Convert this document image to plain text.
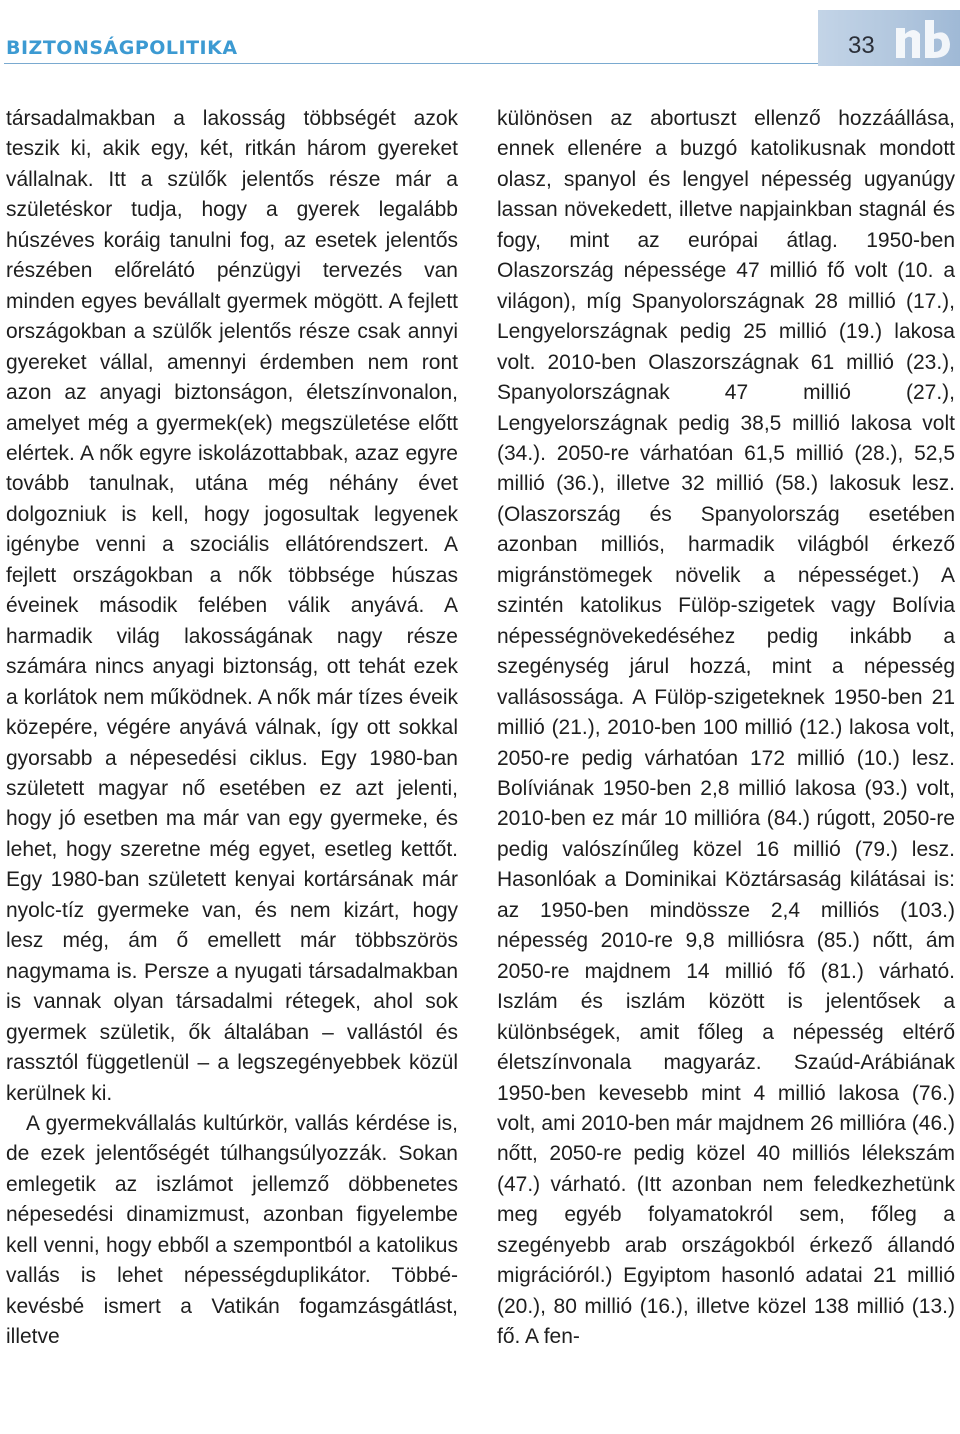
BIZTONSÁGPOLITIKA	33

társadalmakban a lakosság többségét azok teszik ki, akik egy, két, ritkán három gyereket vállalnak. Itt a szülők jelentős része már a születéskor tudja, hogy a gyerek legalább húszéves koráig tanulni fog, az esetek jelentős részében előrelátó pénzügyi tervezés van minden egyes bevállalt gyermek mögött. A fejlett országokban a szülők jelentős része csak annyi gyereket vállal, amennyi érdemben nem ront azon az anyagi biztonságon, életszínvonalon, amelyet még a gyermek(ek) megszületése előtt elértek. A nők egyre iskolázottabbak, azaz egyre tovább tanulnak, utána még néhány évet dolgozniuk is kell, hogy jogosultak legyenek igénybe venni a szociális ellátórendszert. A fejlett országokban a nők többsége húszas éveinek második felében válik anyává. A harmadik világ lakosságának nagy része számára nincs anyagi biztonság, ott tehát ezek a korlátok nem működnek. A nők már tízes éveik közepére, végére anyává válnak, így ott sokkal gyorsabb a népesedési ciklus. Egy 1980-ban született magyar nő esetében ez azt jelenti, hogy jó esetben ma már van egy gyermeke, és lehet, hogy szeretne még egyet, esetleg kettőt. Egy 1980-ban született kenyai kortársának már nyolc-tíz gyermeke van, és nem kizárt, hogy lesz még, ám ő emellett már többszörös nagymama is. Persze a nyugati társadalmakban is vannak olyan társadalmi rétegek, ahol sok gyermek születik, ők általában – vallástól és rassztól függetlenül – a legszegényebbek közül kerülnek ki.

A gyermekvállalás kultúrkör, vallás kérdése is, de ezek jelentőségét túlhangsúlyozzák. Sokan emlegetik az iszlámot jellemző döbbenetes népesedési dinamizmust, azonban figyelembe kell venni, hogy ebből a szempontból a katolikus vallás is lehet népességduplikátor. Többé-kevésbé ismert a Vatikán fogamzásgátlást, illetve

különösen az abortuszt ellenző hozzáállása, ennek ellenére a buzgó katolikusnak mondott olasz, spanyol és lengyel népesség ugyanúgy lassan növekedett, illetve napjainkban stagnál és fogy, mint az európai átlag. 1950-ben Olaszország népessége 47 millió fő volt (10. a világon), míg Spanyolországnak 28 millió (17.), Lengyelországnak pedig 25 millió (19.) lakosa volt. 2010-ben Olaszországnak 61 millió (23.), Spanyolországnak 47 millió (27.), Lengyelországnak pedig 38,5 millió lakosa volt (34.). 2050-re várhatóan 61,5 millió (28.), 52,5 millió (36.), illetve 32 millió (58.) lakosuk lesz. (Olaszország és Spanyolország esetében azonban milliós, harmadik világból érkező migránstömegek növelik a népességet.) A szintén katolikus Fülöp-szigetek vagy Bolívia népességnövekedéséhez pedig inkább a szegénység járul hozzá, mint a népesség vallásossága. A Fülöp-szigeteknek 1950-ben 21 millió (21.), 2010-ben 100 millió (12.) lakosa volt, 2050-re pedig várhatóan 172 millió (10.) lesz. Bolíviának 1950-ben 2,8 millió lakosa (93.) volt, 2010-ben ez már 10 millióra (84.) rúgott, 2050-re pedig valószínűleg közel 16 millió (79.) lesz. Hasonlóak a Dominikai Köztársaság kilátásai is: az 1950-ben mindössze 2,4 milliós (103.) népesség 2010-re 9,8 milliósra (85.) nőtt, ám 2050-re majdnem 14 millió fő (81.) várható. Iszlám és iszlám között is jelentősek a különbségek, amit főleg a népesség eltérő életszínvonala magyaráz. Szaúd-Arábiának 1950-ben kevesebb mint 4 millió lakosa (76.) volt, ami 2010-ben már majdnem 26 millióra (46.) nőtt, 2050-re pedig közel 40 milliós lélekszám (47.) várható. (Itt azonban nem feledkezhetünk meg egyéb folyamatokról sem, főleg a szegényebb arab országokból érkező állandó migrációról.) Egyiptom hasonló adatai 21 millió (20.), 80 millió (16.), illetve közel 138 millió (13.) fő. A fen-
